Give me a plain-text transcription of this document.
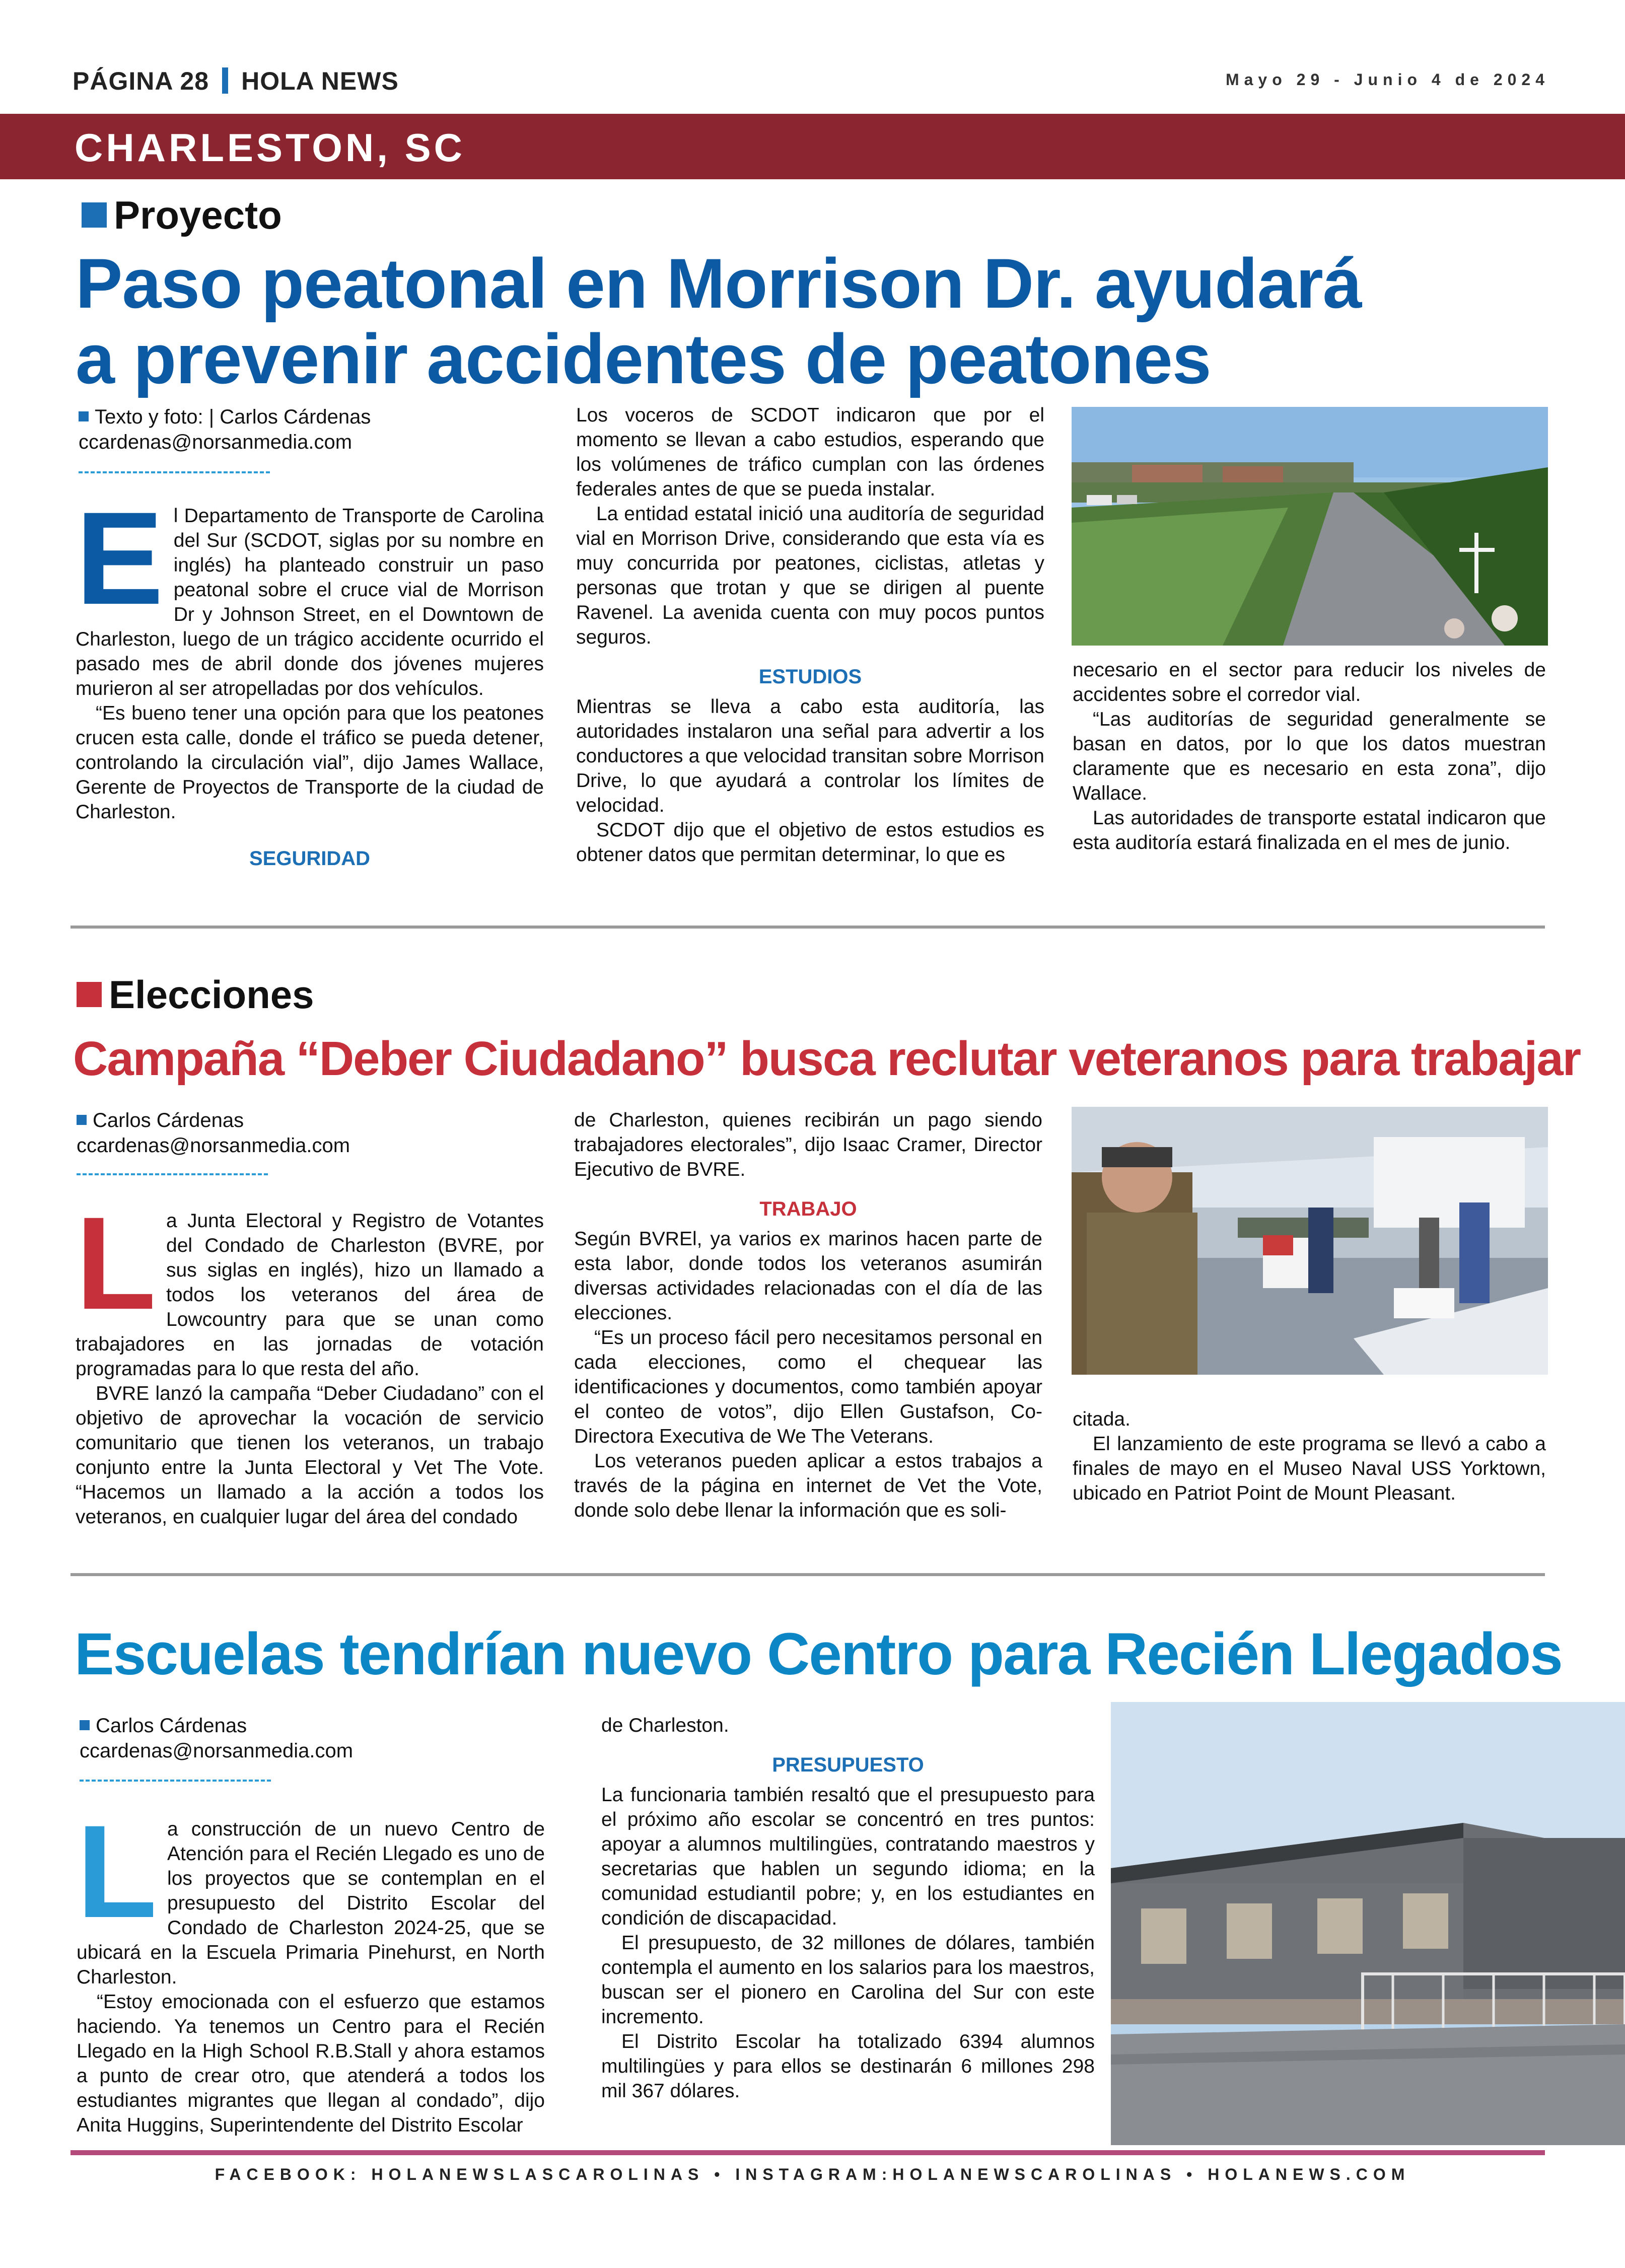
PÁGINA 28 HOLA NEWS	Mayo 29 - Junio 4 de 2024
CHARLESTON, SC
Proyecto
Paso peatonal en Morrison Dr. ayudará
a prevenir accidentes de peatones
Texto y foto: | Carlos Cárdenas
ccardenas@norsanmedia.com

El Departamento de Transporte de Carolina del Sur (SCDOT, siglas por su nombre en inglés) ha planteado construir un paso peatonal sobre el cruce vial de Morrison Dr y Johnson Street, en el Downtown de Charleston, luego de un trágico accidente ocurrido el pasado mes de abril donde dos jóvenes mujeres murieron al ser atropelladas por dos vehículos.

“Es bueno tener una opción para que los peatones crucen esta calle, donde el tráfico se pueda detener, controlando la circulación vial”, dijo James Wallace, Gerente de Proyectos de Transporte de la ciudad de Charleston.

SEGURIDAD

Los voceros de SCDOT indicaron que por el momento se llevan a cabo estudios, esperando que los volúmenes de tráfico cumplan con las órdenes federales antes de que se pueda instalar.

La entidad estatal inició una auditoría de seguridad vial en Morrison Drive, considerando que esta vía es muy concurrida por peatones, ciclistas, atletas y personas que trotan y que se dirigen al puente Ravenel. La avenida cuenta con muy pocos puntos seguros.

ESTUDIOS

Mientras se lleva a cabo esta auditoría, las autoridades instalaron una señal para advertir a los conductores a que velocidad transitan sobre Morrison Drive, lo que ayudará a controlar los límites de velocidad.

SCDOT dijo que el objetivo de estos estudios es obtener datos que permitan determinar, lo que es

necesario en el sector para reducir los niveles de accidentes sobre el corredor vial.

“Las auditorías de seguridad generalmente se basan en datos, por lo que los datos muestran claramente que es necesario en esta zona”, dijo Wallace.

Las autoridades de transporte estatal indicaron que esta auditoría estará finalizada en el mes de junio.

Elecciones
Campaña “Deber Ciudadano” busca reclutar veteranos para trabajar
Carlos Cárdenas
ccardenas@norsanmedia.com

La Junta Electoral y Registro de Votantes del Condado de Charleston (BVRE, por sus siglas en inglés), hizo un llamado a todos los veteranos del área de Lowcountry para que se unan como trabajadores en las jornadas de votación programadas para lo que resta del año.

BVRE lanzó la campaña “Deber Ciudadano” con el objetivo de aprovechar la vocación de servicio comunitario que tienen los veteranos, un trabajo conjunto entre la Junta Electoral y Vet The Vote. “Hacemos un llamado a la acción a todos los veteranos, en cualquier lugar del área del condado

de Charleston, quienes recibirán un pago siendo trabajadores electorales”, dijo Isaac Cramer, Director Ejecutivo de BVRE.

TRABAJO

Según BVREl, ya varios ex marinos hacen parte de esta labor, donde todos los veteranos asumirán diversas actividades relacionadas con el día de las elecciones.

“Es un proceso fácil pero necesitamos personal en cada elecciones, como el chequear las identificaciones y documentos, como también apoyar el conteo de votos”, dijo Ellen Gustafson, Co-Directora Executiva de We The Veterans.

Los veteranos pueden aplicar a estos trabajos a través de la página en internet de Vet the Vote, donde solo debe llenar la información que es soli-

citada.

El lanzamiento de este programa se llevó a cabo a finales de mayo en el Museo Naval USS Yorktown, ubicado en Patriot Point de Mount Pleasant.

Escuelas tendrían nuevo Centro para Recién Llegados
Carlos Cárdenas
ccardenas@norsanmedia.com

La construcción de un nuevo Centro de Atención para el Recién Llegado es uno de los proyectos que se contemplan en el presupuesto del Distrito Escolar del Condado de Charleston 2024-25, que se ubicará en la Escuela Primaria Pinehurst, en North Charleston.

“Estoy emocionada con el esfuerzo que estamos haciendo. Ya tenemos un Centro para el Recién Llegado en la High School R.B.Stall y ahora estamos a punto de crear otro, que atenderá a todos los estudiantes migrantes que llegan al condado”, dijo Anita Huggins, Superintendente del Distrito Escolar

de Charleston.

PRESUPUESTO

La funcionaria también resaltó que el presupuesto para el próximo año escolar se concentró en tres puntos: apoyar a alumnos multilingües, contratando maestros y secretarias que hablen un segundo idioma; en la comunidad estudiantil pobre; y, en los estudiantes en condición de discapacidad.

El presupuesto, de 32 millones de dólares, también contempla el aumento en los salarios para los maestros, buscan ser el pionero en Carolina del Sur con este incremento.

El Distrito Escolar ha totalizado 6394 alumnos multilingües y para ellos se destinarán 6 millones 298 mil 367 dólares.

FACEBOOK: HOLANEWSLASCAROLINAS • INSTAGRAM:HOLANEWSCAROLINAS • HOLANEWS.COM
